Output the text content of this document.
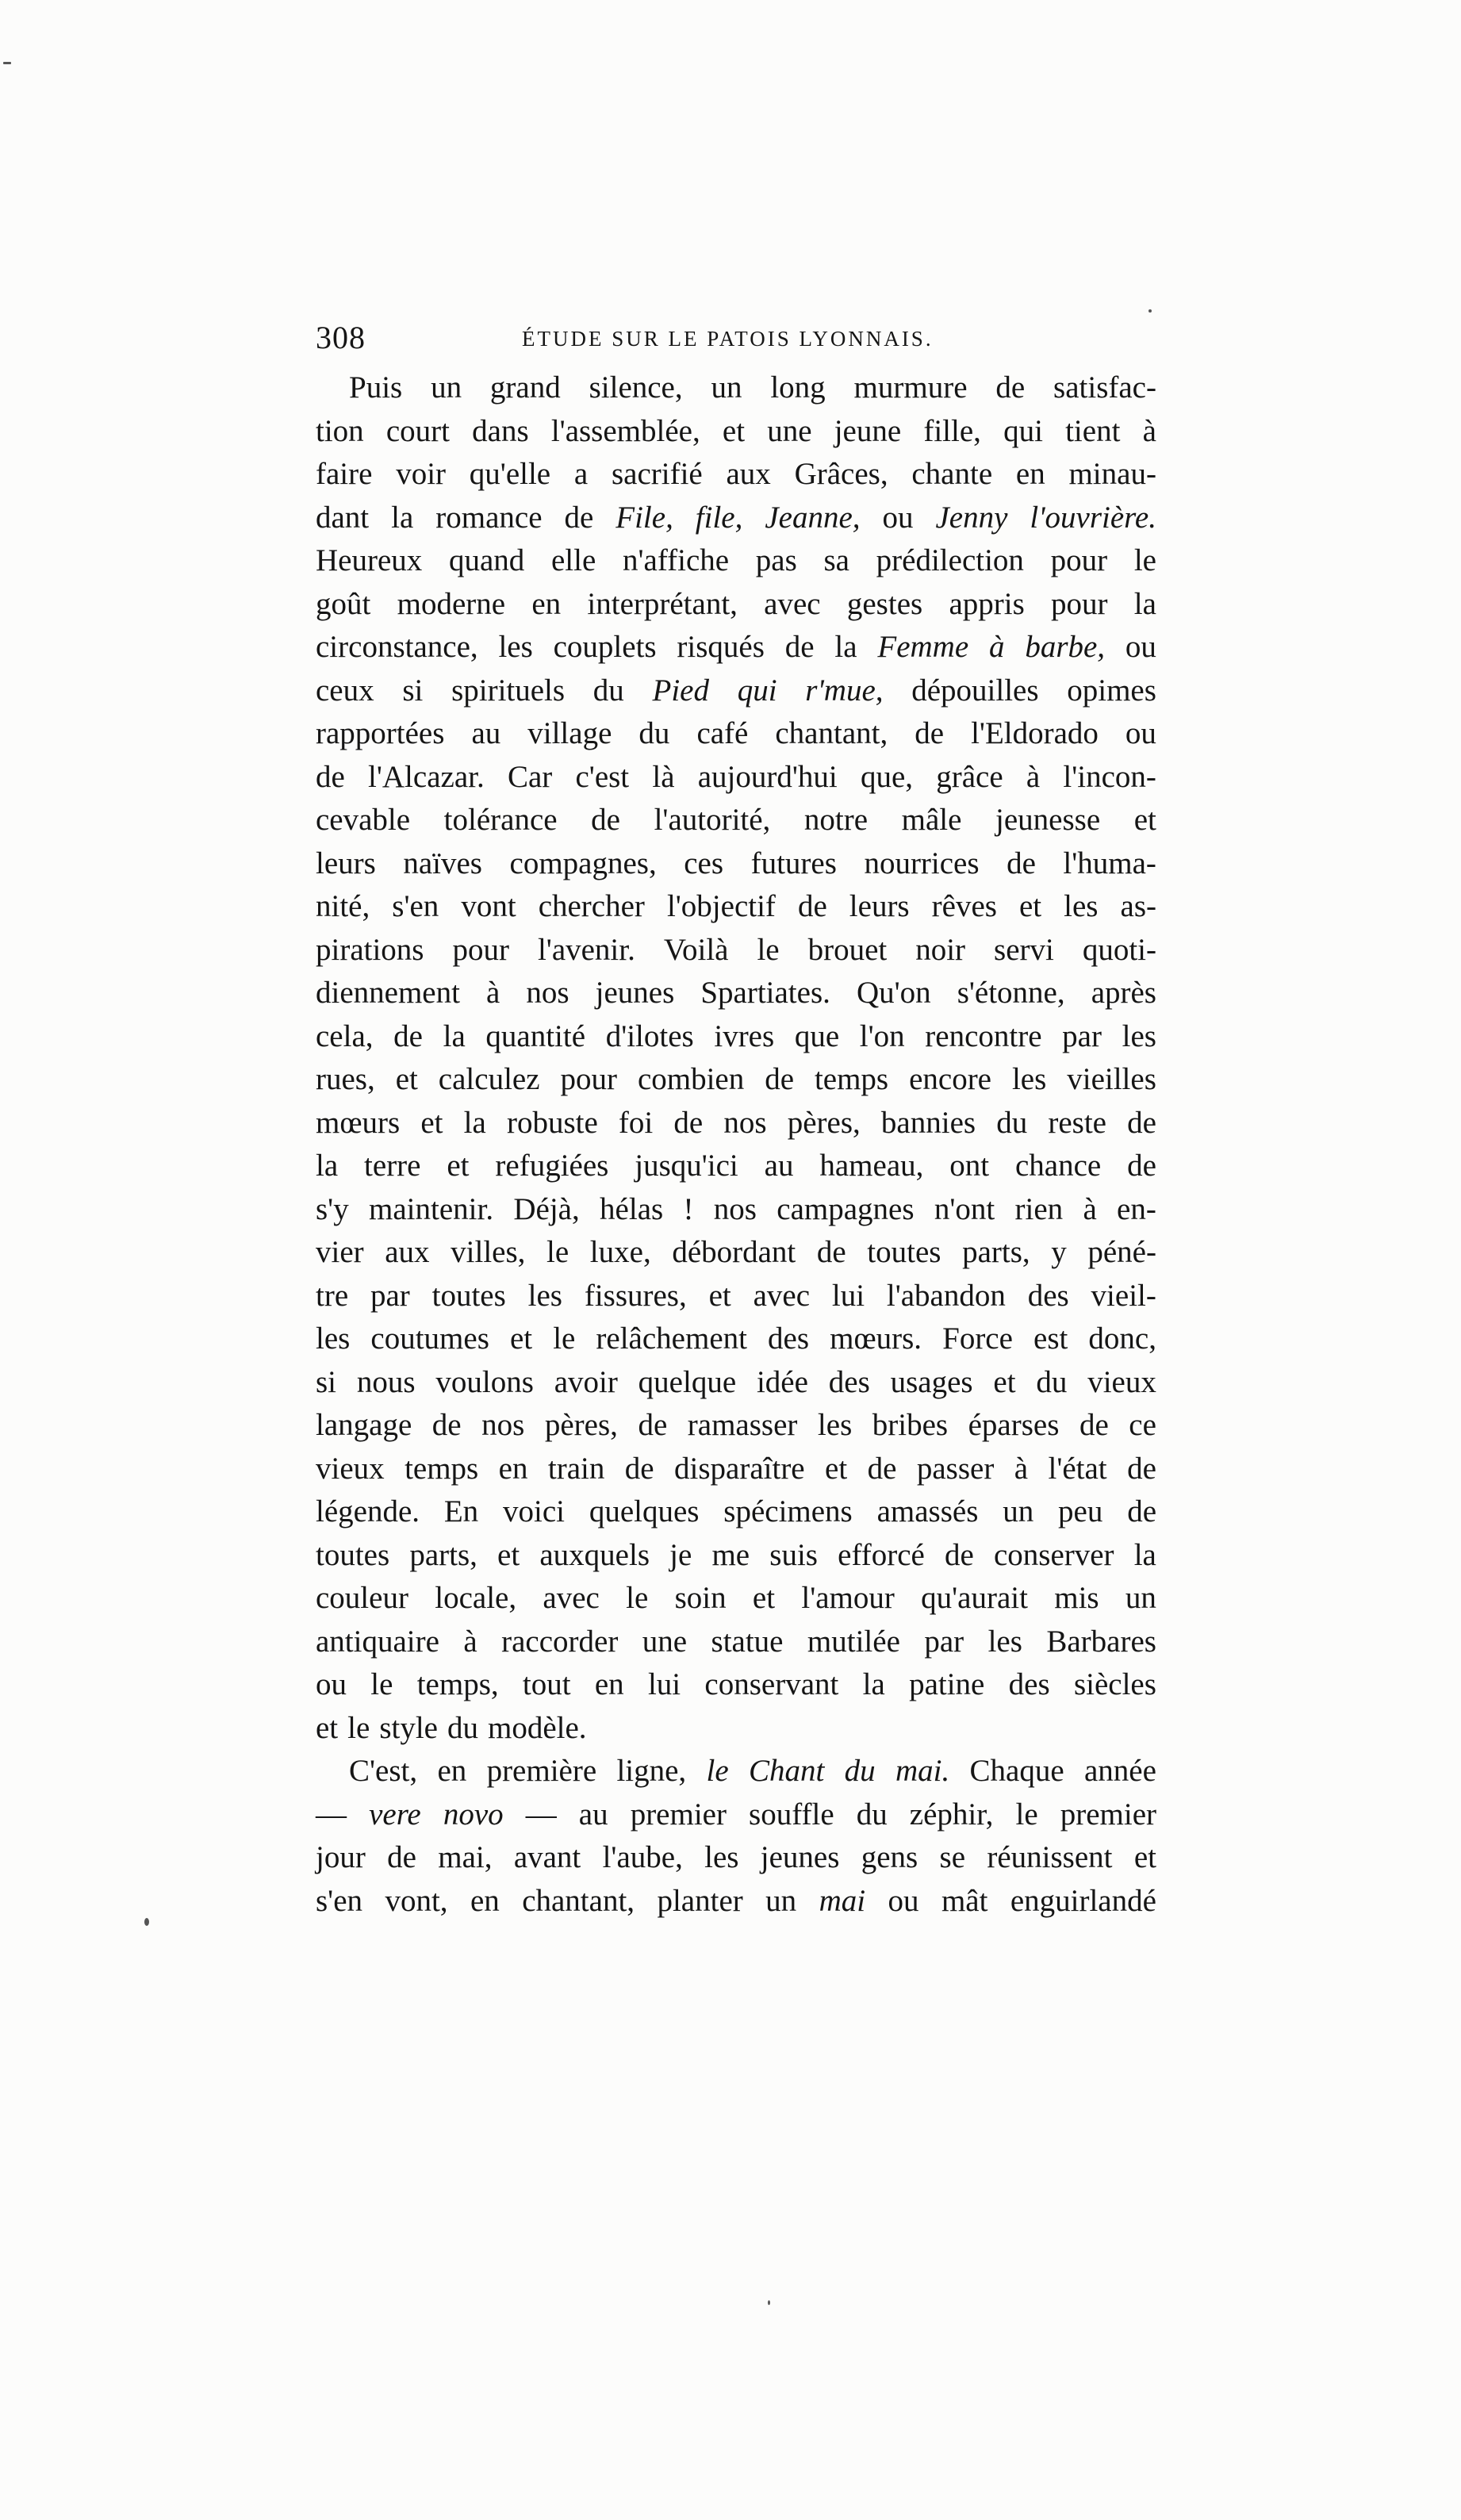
308	ÉTUDE SUR LE PATOIS LYONNAIS.
Puis un grand silence, un long murmure de satisfac-
tion court dans l'assemblée, et une jeune fille, qui tient à
faire voir qu'elle a sacrifié aux Grâces, chante en minau-
dant la romance de File, file, Jeanne, ou Jenny l'ouvrière.
Heureux quand elle n'affiche pas sa prédilection pour le
goût moderne en interprétant, avec gestes appris pour la
circonstance, les couplets risqués de la Femme à barbe, ou
ceux si spirituels du Pied qui r'mue, dépouilles opimes
rapportées au village du café chantant, de l'Eldorado ou
de l'Alcazar. Car c'est là aujourd'hui que, grâce à l'incon-
cevable tolérance de l'autorité, notre mâle jeunesse et
leurs naïves compagnes, ces futures nourrices de l'huma-
nité, s'en vont chercher l'objectif de leurs rêves et les as-
pirations pour l'avenir. Voilà le brouet noir servi quoti-
diennement à nos jeunes Spartiates. Qu'on s'étonne, après
cela, de la quantité d'ilotes ivres que l'on rencontre par les
rues, et calculez pour combien de temps encore les vieilles
mœurs et la robuste foi de nos pères, bannies du reste de
la terre et refugiées jusqu'ici au hameau, ont chance de
s'y maintenir. Déjà, hélas ! nos campagnes n'ont rien à en-
vier aux villes, le luxe, débordant de toutes parts, y péné-
tre par toutes les fissures, et avec lui l'abandon des vieil-
les coutumes et le relâchement des mœurs. Force est donc,
si nous voulons avoir quelque idée des usages et du vieux
langage de nos pères, de ramasser les bribes éparses de ce
vieux temps en train de disparaître et de passer à l'état de
légende. En voici quelques spécimens amassés un peu de
toutes parts, et auxquels je me suis efforcé de conserver la
couleur locale, avec le soin et l'amour qu'aurait mis un
antiquaire à raccorder une statue mutilée par les Barbares
ou le temps, tout en lui conservant la patine des siècles
et le style du modèle.
C'est, en première ligne, le Chant du mai. Chaque année
— vere novo — au premier souffle du zéphir, le premier
jour de mai, avant l'aube, les jeunes gens se réunissent et
s'en vont, en chantant, planter un mai ou mât enguirlandé
